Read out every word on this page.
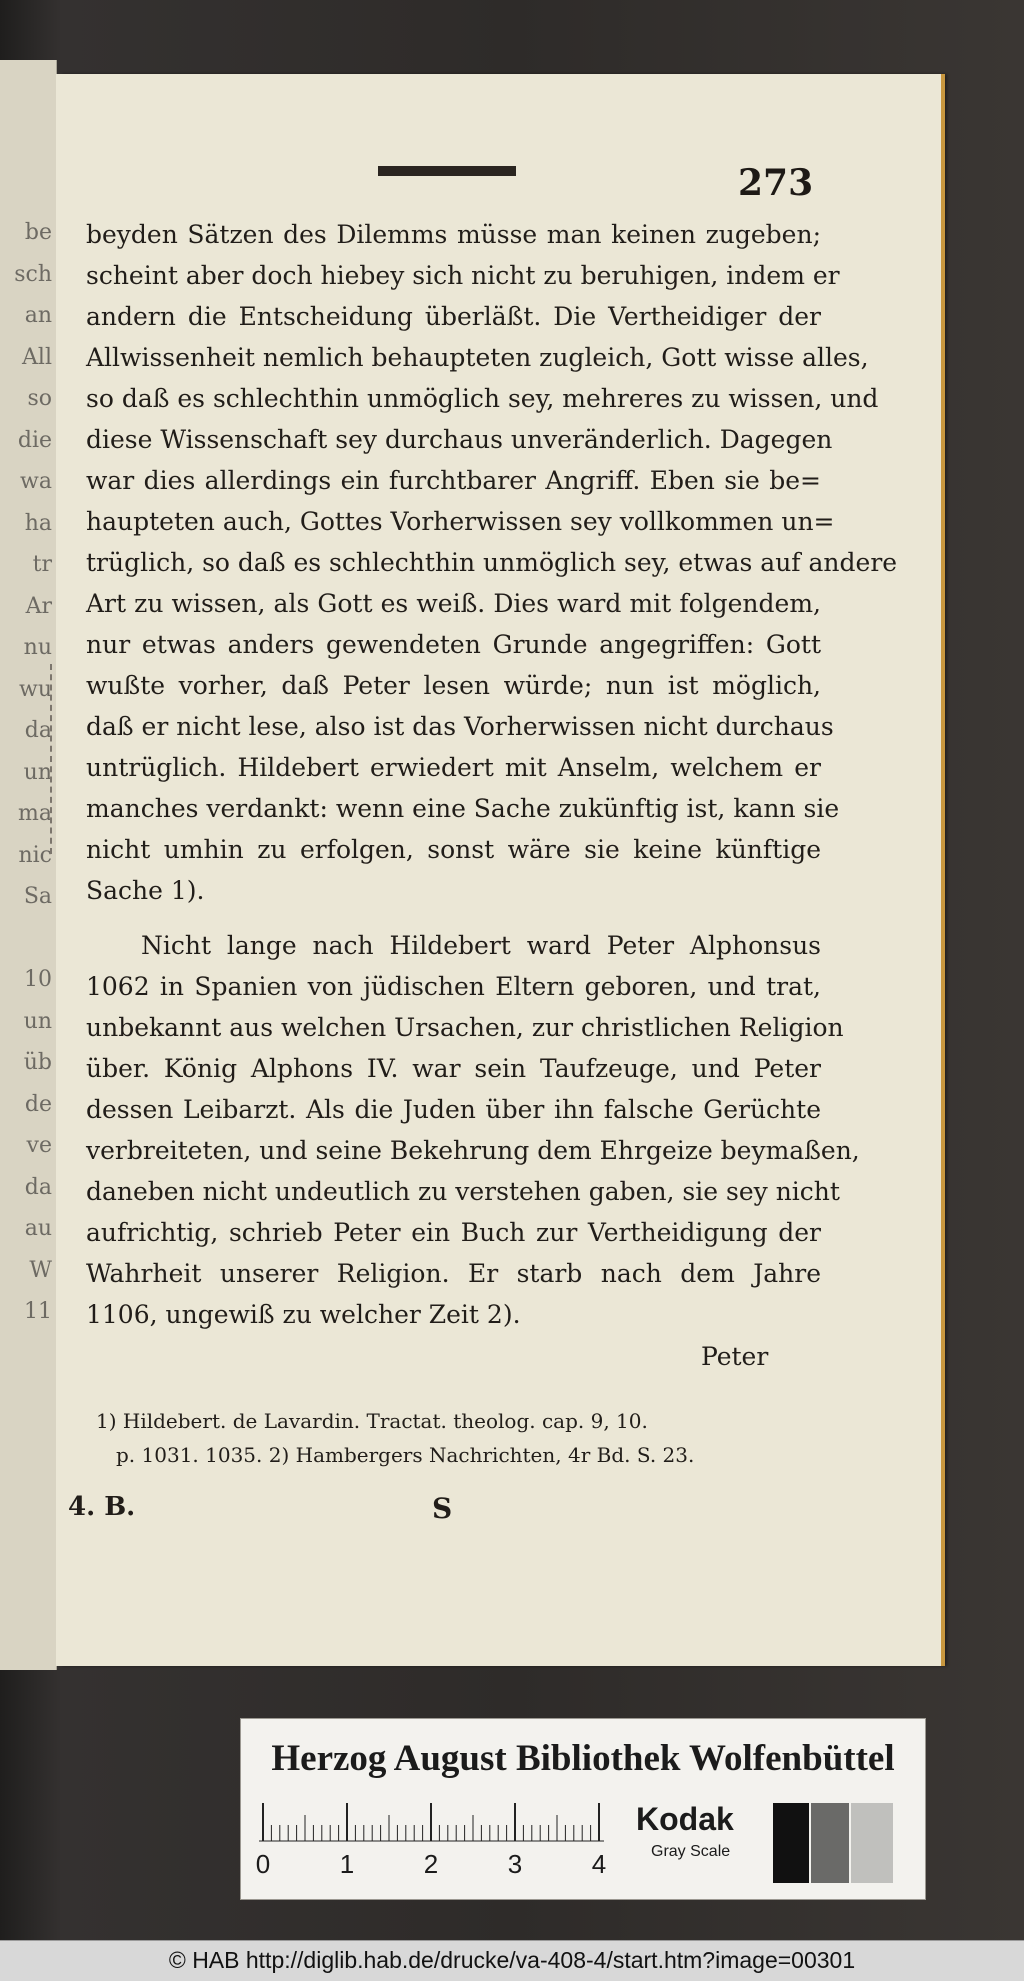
be
sch
an
All
so
die
wa
ha
tr
Ar
nu
wu
da
un
ma
nic
Sa
10
un
üb
de
ve
da
au
W
11
273
beyden Sätzen des Dilemms müsse man keinen zugeben;
scheint aber doch hiebey sich nicht zu beruhigen, indem er
andern die Entscheidung überläßt. Die Vertheidiger der
Allwissenheit nemlich behaupteten zugleich, Gott wisse alles,
so daß es schlechthin unmöglich sey, mehreres zu wissen, und
diese Wissenschaft sey durchaus unveränderlich. Dagegen
war dies allerdings ein furchtbarer Angriff. Eben sie be=
haupteten auch, Gottes Vorherwissen sey vollkommen un=
trüglich, so daß es schlechthin unmöglich sey, etwas auf andere
Art zu wissen, als Gott es weiß. Dies ward mit folgendem,
nur etwas anders gewendeten Grunde angegriffen: Gott
wußte vorher, daß Peter lesen würde; nun ist möglich,
daß er nicht lese, also ist das Vorherwissen nicht durchaus
untrüglich. Hildebert erwiedert mit Anselm, welchem er
manches verdankt: wenn eine Sache zukünftig ist, kann sie
nicht umhin zu erfolgen, sonst wäre sie keine künftige
Sache 1).
Nicht lange nach Hildebert ward Peter Alphonsus
1062 in Spanien von jüdischen Eltern geboren, und trat,
unbekannt aus welchen Ursachen, zur christlichen Religion
über. König Alphons IV. war sein Taufzeuge, und Peter
dessen Leibarzt. Als die Juden über ihn falsche Gerüchte
verbreiteten, und seine Bekehrung dem Ehrgeize beymaßen,
daneben nicht undeutlich zu verstehen gaben, sie sey nicht
aufrichtig, schrieb Peter ein Buch zur Vertheidigung der
Wahrheit unserer Religion. Er starb nach dem Jahre
1106, ungewiß zu welcher Zeit 2).
Peter
1) Hildebert. de Lavardin. Tractat. theolog. cap. 9, 10.
p. 1031. 1035. 2) Hambergers Nachrichten, 4r Bd. S. 23.
4. B.	S
Herzog August Bibliothek Wolfenbüttel
0	1	2	3	4
Kodak
Gray Scale
© HAB http://diglib.hab.de/drucke/va-408-4/start.htm?image=00301
